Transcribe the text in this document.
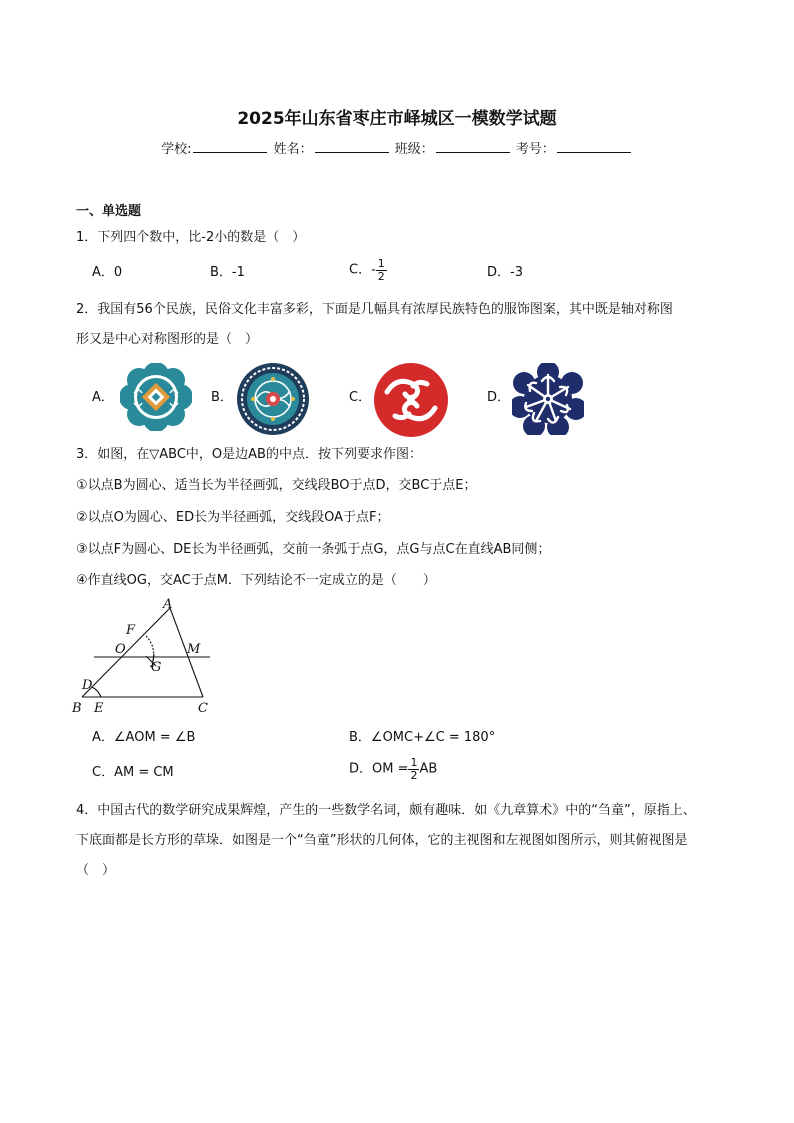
2025年山东省枣庄市峄城区一模数学试题
学校:	姓名：	班级：	考号：
一、单选题
1．下列四个数中，比-2小的数是（　）
A．0	B．-1	C．- $\frac{1}{2}$	D．-3
2．我国有56个民族，民俗文化丰富多彩，下面是几幅具有浓厚民族特色的服饰图案，其中既是轴对称图
形又是中心对称图形的是（　）
A．	B．	C．	D．
3．如图，在▽ABC中，O是边AB的中点．按下列要求作图：
①以点B为圆心、适当长为半径画弧，交线段BO于点D，交BC于点E；
②以点O为圆心、ED长为半径画弧，交线段OA于点F；
③以点F为圆心、DE长为半径画弧，交前一条弧于点G，点G与点C在直线AB同侧；
④作直线OG，交AC于点M．下列结论不一定成立的是（　　）
A
F
O	M
G
D
B E	C
A．∠AOM = ∠B	B．∠OMC+∠C = 180°
C．AM = CM	D．OM = $\frac{1}{2}$ AB
4．中国古代的数学研究成果辉煌，产生的一些数学名词，颇有趣味．如《九章算术》中的“刍童”，原指上、
下底面都是长方形的草垛．如图是一个“刍童”形状的几何体，它的主视图和左视图如图所示，则其俯视图是
（　）
